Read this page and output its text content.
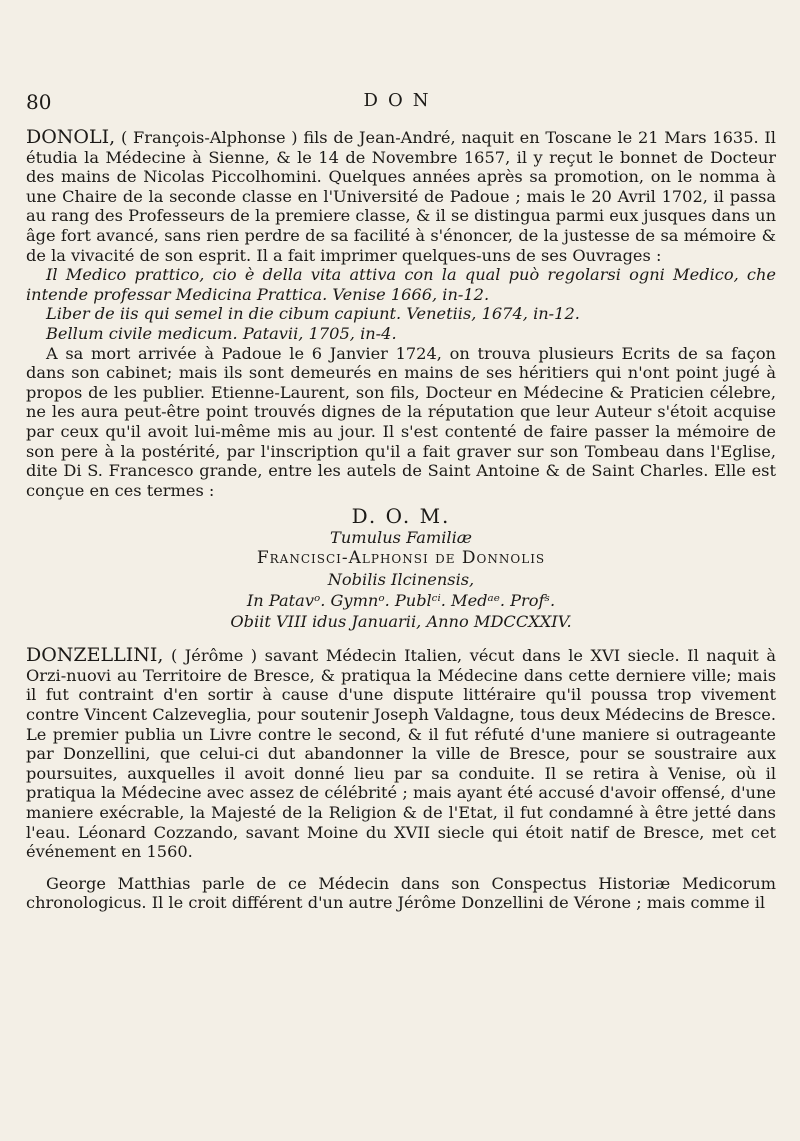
80	DON

DONOLI, ( François-Alphonse ) fils de Jean-André, naquit en Toscane le 21 Mars 1635. Il étudia la Médecine à Sienne, & le 14 de Novembre 1657, il y reçut le bonnet de Docteur des mains de Nicolas Piccolhomini. Quelques années après sa promotion, on le nomma à une Chaire de la seconde classe en l'Université de Padoue ; mais le 20 Avril 1702, il passa au rang des Professeurs de la premiere classe, & il se distingua parmi eux jusques dans un âge fort avancé, sans rien perdre de sa facilité à s'énoncer, de la justesse de sa mémoire & de la vivacité de son esprit. Il a fait imprimer quelques-uns de ses Ouvrages :

Il Medico prattico, cio è della vita attiva con la qual può regolarsi ogni Medico, che intende professar Medicina Prattica. Venise 1666, in-12.

Liber de iis qui semel in die cibum capiunt. Venetiis, 1674, in-12.

Bellum civile medicum. Patavii, 1705, in-4.

A sa mort arrivée à Padoue le 6 Janvier 1724, on trouva plusieurs Ecrits de sa façon dans son cabinet; mais ils sont demeurés en mains de ses héritiers qui n'ont point jugé à propos de les publier. Etienne-Laurent, son fils, Docteur en Médecine & Praticien célebre, ne les aura peut-être point trouvés dignes de la réputation que leur Auteur s'étoit acquise par ceux qu'il avoit lui-même mis au jour. Il s'est contenté de faire passer la mémoire de son pere à la postérité, par l'inscription qu'il a fait graver sur son Tombeau dans l'Eglise, dite Di S. Francesco grande, entre les autels de Saint Antoine & de Saint Charles. Elle est conçue en ces termes :

D. O. M.
Tumulus Familiæ
Francisci-Alphonsi de Donnolis
Nobilis Ilcinensis,
In Patavᵒ. Gymnᵒ. Publᶜⁱ. Medᵃᵉ. Profˢ.
Obiit VIII idus Januarii, Anno MDCCXXIV.

DONZELLINI, ( Jérôme ) savant Médecin Italien, vécut dans le XVI siecle. Il naquit à Orzi-nuovi au Territoire de Bresce, & pratiqua la Médecine dans cette derniere ville; mais il fut contraint d'en sortir à cause d'une dispute littéraire qu'il poussa trop vivement contre Vincent Calzeveglia, pour soutenir Joseph Valdagne, tous deux Médecins de Bresce. Le premier publia un Livre contre le second, & il fut réfuté d'une maniere si outrageante par Donzellini, que celui-ci dut abandonner la ville de Bresce, pour se soustraire aux poursuites, auxquelles il avoit donné lieu par sa conduite. Il se retira à Venise, où il pratiqua la Médecine avec assez de célébrité ; mais ayant été accusé d'avoir offensé, d'une maniere exécrable, la Majesté de la Religion & de l'Etat, il fut condamné à être jetté dans l'eau. Léonard Cozzando, savant Moine du XVII siecle qui étoit natif de Bresce, met cet événement en 1560.

George Matthias parle de ce Médecin dans son Conspectus Historiæ Medicorum chronologicus. Il le croit différent d'un autre Jérôme Donzellini de Vérone ; mais comme il
